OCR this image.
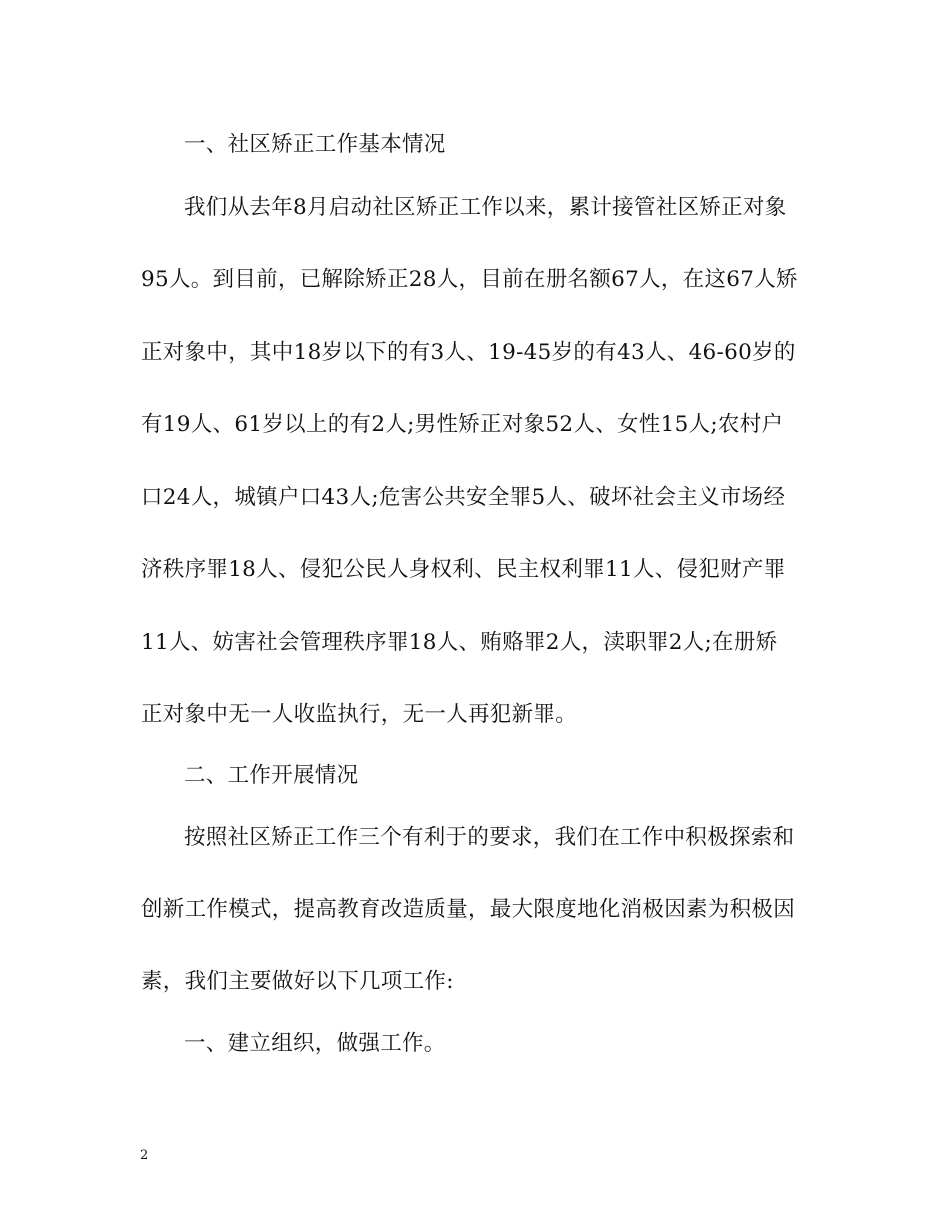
一、社区矫正工作基本情况
我们从去年8月启动社区矫正工作以来，累计接管社区矫正对象
95人。到目前，已解除矫正28人，目前在册名额67人，在这67人矫
正对象中，其中18岁以下的有3人、19-45岁的有43人、46-60岁的
有19人、61岁以上的有2人;男性矫正对象52人、女性15人;农村户
口24人，城镇户口43人;危害公共安全罪5人、破坏社会主义市场经
济秩序罪18人、侵犯公民人身权利、民主权利罪11人、侵犯财产罪
11人、妨害社会管理秩序罪18人、贿赂罪2人，渎职罪2人;在册矫
正对象中无一人收监执行，无一人再犯新罪。
二、工作开展情况
按照社区矫正工作三个有利于的要求，我们在工作中积极探索和
创新工作模式，提高教育改造质量，最大限度地化消极因素为积极因
素，我们主要做好以下几项工作:
一、建立组织，做强工作。
2
